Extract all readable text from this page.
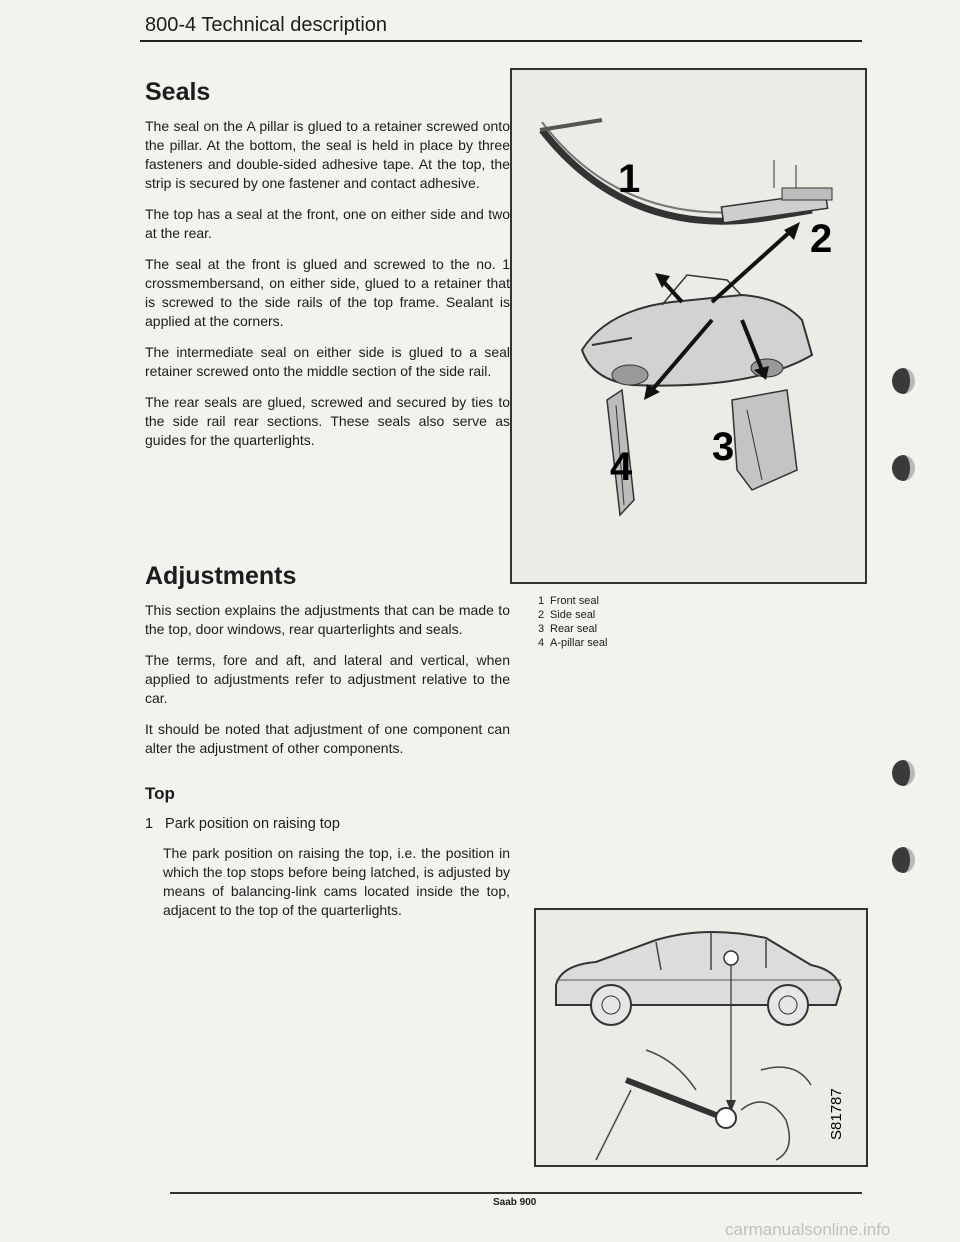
800-4 Technical description
Seals

The seal on the A pillar is glued to a retainer screwed onto the pillar. At the bottom, the seal is held in place by three fasteners and double-sided adhesive tape. At the top, the strip is secured by one fastener and contact adhesive.

The top has a seal at the front, one on either side and two at the rear.

The seal at the front is glued and screwed to the no. 1 crossmembersand, on either side, glued to a retainer that is screwed to the side rails of the top frame. Sealant is applied at the corners.

The intermediate seal on either side is glued to a seal retainer screwed onto the middle section of the side rail.

The rear seals are glued, screwed and secured by ties to the side rail rear sections. These seals also serve as guides for the quarterlights.

Adjustments

This section explains the adjustments that can be made to the top, door windows, rear quarterlights and seals.

The terms, fore and aft, and lateral and vertical, when applied to adjustments refer to adjustment relative to the car.

It should be noted that adjustment of one component can alter the adjustment of other components.

Top
1 Park position on raising top

The park position on raising the top, i.e. the position in which the top stops before being latched, is adjusted by means of balancing-link cams located inside the top, adjacent to the top of the quarterlights.

1
2
3
4
1 Front seal
2 Side seal
3 Rear seal
4 A-pillar seal
S81787
Saab 900
carmanualsonline.info
